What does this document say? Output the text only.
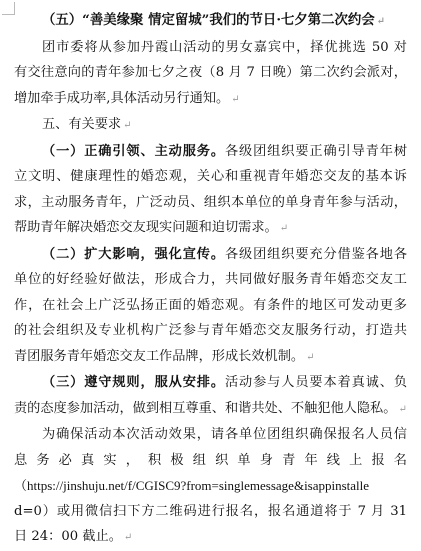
（五）“善美缘聚 情定留城”我们的节日·七夕第二次约会 ↵
团市委将从参加丹霞山活动的男女嘉宾中，择优挑选 50 对
有交往意向的青年参加七夕之夜（8 月 7 日晚）第二次约会派对，
增加牵手成功率,具体活动另行通知。 ↵
五、有关要求 ↵
（一）正确引领、主动服务。各级团组织要正确引导青年树
立文明、健康理性的婚恋观，关心和重视青年婚恋交友的基本诉
求，主动服务青年，广泛动员、组织本单位的单身青年参与活动，
帮助青年解决婚恋交友现实问题和迫切需求。 ↵
（二）扩大影响，强化宣传。各级团组织要充分借鉴各地各
单位的好经验好做法，形成合力，共同做好服务青年婚恋交友工
作，在社会上广泛弘扬正面的婚恋观。有条件的地区可发动更多
的社会组织及专业机构广泛参与青年婚恋交友服务行动，打造共
青团服务青年婚恋交友工作品牌，形成长效机制。 ↵
（三）遵守规则，服从安排。活动参与人员要本着真诚、负
责的态度参加活动，做到相互尊重、和谐共处、不触犯他人隐私。 ↵
为确保活动本次活动效果，请各单位团组织确保报名人员信
息务必真实，积极组织单身青年线上报名
（https://jinshuju.net/f/CGISC9?from=singlemessage&isappinstalle
d=0）或用微信扫下方二维码进行报名，报名通道将于 7 月 31
日 24：00 截止。 ↵
